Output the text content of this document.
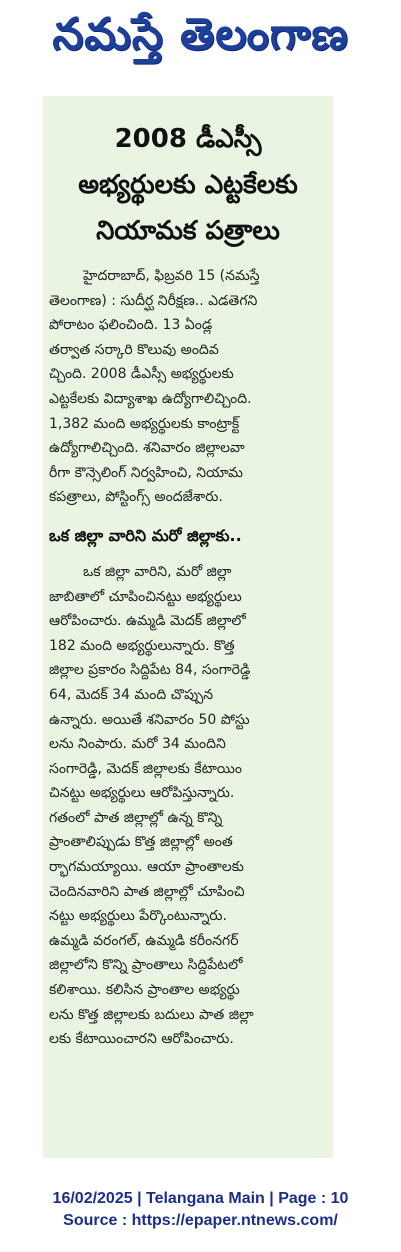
నమస్తే తెలంగాణ
2008 డీఎస్సీ
అభ్యర్థులకు ఎట్టకేలకు
నియామక పత్రాలు
హైదరాబాద్, ఫిబ్రవరి 15 (నమస్తే
తెలంగాణ) : సుదీర్ఘ నిరీక్షణ.. ఎడతెగని
పోరాటం ఫలించింది. 13 ఏండ్ల
తర్వాత సర్కారి కొలువు అందివ
చ్చింది. 2008 డీఎస్సీ అభ్యర్థులకు
ఎట్టకేలకు విద్యాశాఖ ఉద్యోగాలిచ్చింది.
1,382 మంది అభ్యర్థులకు కాంట్రాక్ట్
ఉద్యోగాలిచ్చింది. శనివారం జిల్లాలవా
రీగా కౌన్సెలింగ్ నిర్వహించి, నియామ
కపత్రాలు, పోస్టింగ్స్ అందజేశారు.
ఒక జిల్లా వారిని మరో జిల్లాకు..
ఒక జిల్లా వారిని, మరో జిల్లా
జాబితాలో చూపించినట్టు అభ్యర్థులు
ఆరోపించారు. ఉమ్మడి మెదక్ జిల్లాలో
182 మంది అభ్యర్థులున్నారు. కొత్త
జిల్లాల ప్రకారం సిద్దిపేట 84, సంగారెడ్డి
64, మెదక్ 34 మంది చొప్పున
ఉన్నారు. అయితే శనివారం 50 పోస్టు
లను నింపారు. మరో 34 మందిని
సంగారెడ్డి, మెదక్ జిల్లాలకు కేటాయిం
చినట్టు అభ్యర్థులు ఆరోపిస్తున్నారు.
గతంలో పాత జిల్లాల్లో ఉన్న కొన్ని
ప్రాంతాలిప్పుడు కొత్త జిల్లాల్లో అంత
ర్భాగమయ్యాయి. ఆయా ప్రాంతాలకు
చెందినవారిని పాత జిల్లాల్లో చూపించి
నట్టు అభ్యర్థులు పేర్కొంటున్నారు.
ఉమ్మడి వరంగల్, ఉమ్మడి కరీంనగర్
జిల్లాలోని కొన్ని ప్రాంతాలు సిద్దిపేటలో
కలిశాయి. కలిసిన ప్రాంతాల అభ్యర్థు
లను కొత్త జిల్లాలకు బదులు పాత జిల్లా
లకు కేటాయించారని ఆరోపించారు.
16/02/2025 | Telangana Main | Page : 10
Source : https://epaper.ntnews.com/
